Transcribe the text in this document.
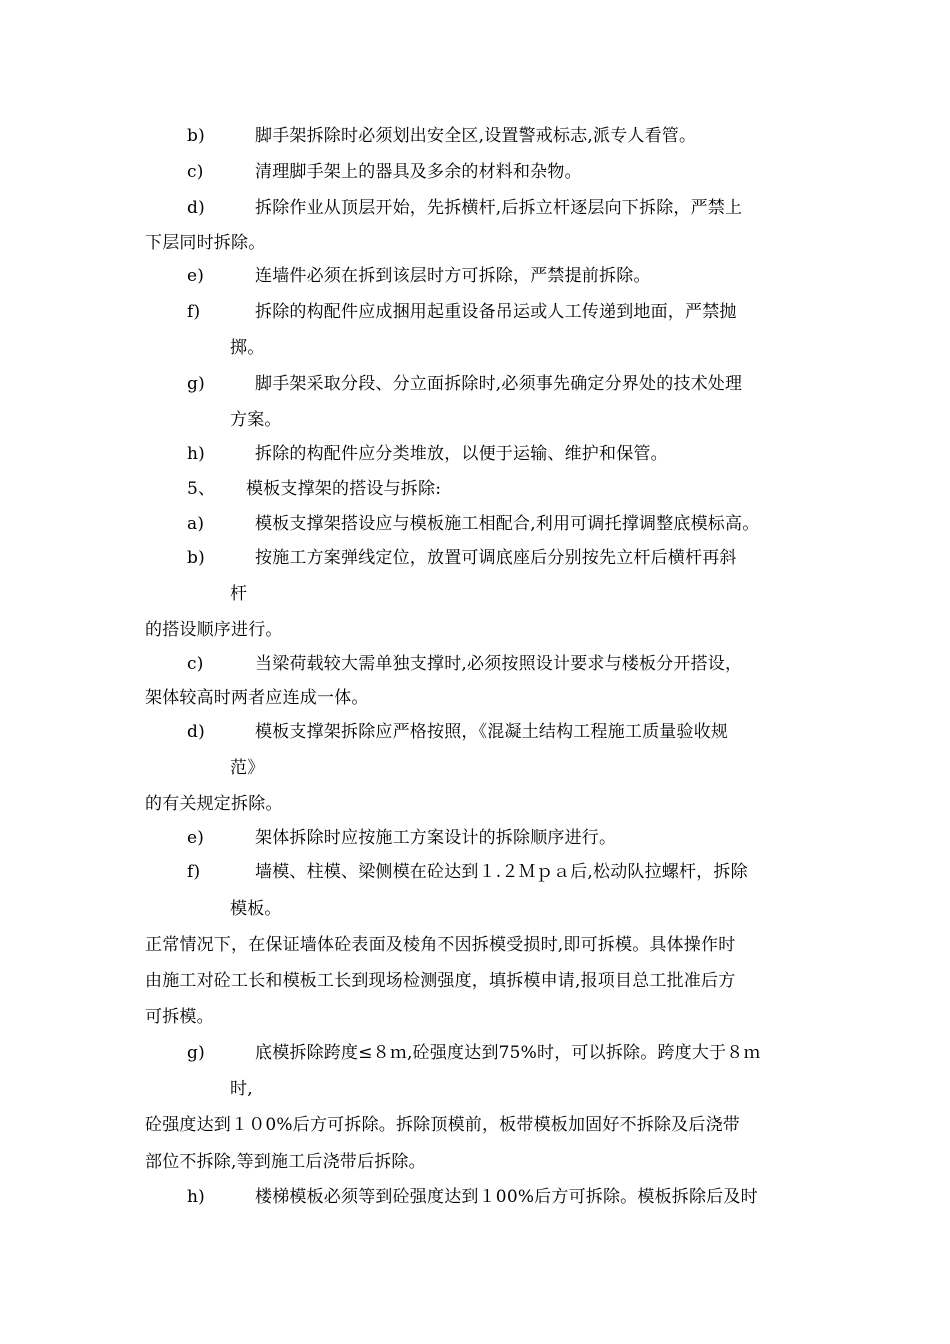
b)	脚手架拆除时必须划出安全区,设置警戒标志,派专人看管。
c)	清理脚手架上的器具及多余的材料和杂物。
d)	拆除作业从顶层开始，先拆横杆,后拆立杆逐层向下拆除，严禁上
下层同时拆除。
e)	连墙件必须在拆到该层时方可拆除，严禁提前拆除。
f)	拆除的构配件应成捆用起重设备吊运或人工传递到地面，严禁抛
掷。
g)	脚手架采取分段、分立面拆除时,必须事先确定分界处的技术处理
方案。
h)	拆除的构配件应分类堆放，以便于运输、维护和保管。
5、 模板支撑架的搭设与拆除:
a)	模板支撑架搭设应与模板施工相配合,利用可调托撑调整底模标高。
b)	按施工方案弹线定位，放置可调底座后分别按先立杆后横杆再斜
杆
的搭设顺序进行。
c)	当梁荷载较大需单独支撑时,必须按照设计要求与楼板分开搭设，
架体较高时两者应连成一体。
d)	模板支撑架拆除应严格按照，《混凝土结构工程施工质量验收规
范》
的有关规定拆除。
e)	架体拆除时应按施工方案设计的拆除顺序进行。
f)	墙模、柱模、梁侧模在砼达到１.２Ｍｐａ后,松动队拉螺杆，拆除
模板。
正常情况下，在保证墙体砼表面及棱角不因拆模受损时,即可拆模。具体操作时
由施工对砼工长和模板工长到现场检测强度，填拆模申请,报项目总工批准后方
可拆模。
g)	底模拆除跨度≤８ｍ,砼强度达到75%时，可以拆除。跨度大于８ｍ
时,
砼强度达到１０0%后方可拆除。拆除顶模前，板带模板加固好不拆除及后浇带
部位不拆除,等到施工后浇带后拆除。
h)	楼梯模板必须等到砼强度达到１00%后方可拆除。模板拆除后及时
